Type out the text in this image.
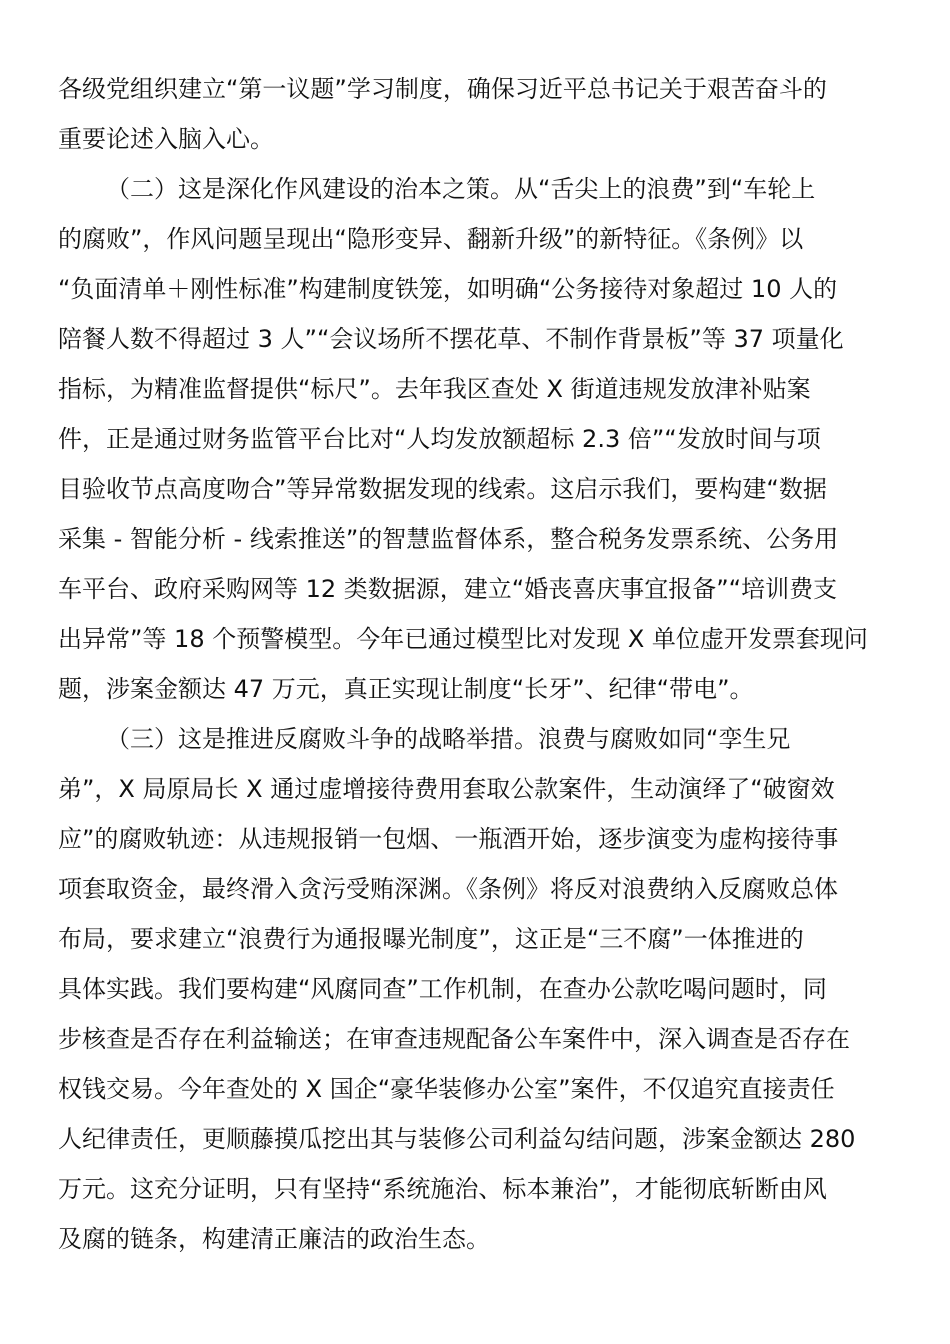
各级党组织建立“第一议题”学习制度，确保习近平总书记关于艰苦奋斗的
重要论述入脑入心。
（二）这是深化作风建设的治本之策。从“舌尖上的浪费”到“车轮上
的腐败”，作风问题呈现出“隐形变异、翻新升级”的新特征。《条例》以
“负面清单＋刚性标准”构建制度铁笼，如明确“公务接待对象超过 10 人的
陪餐人数不得超过 3 人”“会议场所不摆花草、不制作背景板”等 37 项量化
指标，为精准监督提供“标尺”。去年我区查处 X 街道违规发放津补贴案
件，正是通过财务监管平台比对“人均发放额超标 2.3 倍”“发放时间与项
目验收节点高度吻合”等异常数据发现的线索。这启示我们，要构建“数据
采集 - 智能分析 - 线索推送”的智慧监督体系，整合税务发票系统、公务用
车平台、政府采购网等 12 类数据源，建立“婚丧喜庆事宜报备”“培训费支
出异常”等 18 个预警模型。今年已通过模型比对发现 X 单位虚开发票套现问
题，涉案金额达 47 万元，真正实现让制度“长牙”、纪律“带电”。
（三）这是推进反腐败斗争的战略举措。浪费与腐败如同“孪生兄
弟”，X 局原局长 X 通过虚增接待费用套取公款案件，生动演绎了“破窗效
应”的腐败轨迹：从违规报销一包烟、一瓶酒开始，逐步演变为虚构接待事
项套取资金，最终滑入贪污受贿深渊。《条例》将反对浪费纳入反腐败总体
布局，要求建立“浪费行为通报曝光制度”，这正是“三不腐”一体推进的
具体实践。我们要构建“风腐同查”工作机制，在查办公款吃喝问题时，同
步核查是否存在利益输送；在审查违规配备公车案件中，深入调查是否存在
权钱交易。今年查处的 X 国企“豪华装修办公室”案件，不仅追究直接责任
人纪律责任，更顺藤摸瓜挖出其与装修公司利益勾结问题，涉案金额达 280
万元。这充分证明，只有坚持“系统施治、标本兼治”，才能彻底斩断由风
及腐的链条，构建清正廉洁的政治生态。
